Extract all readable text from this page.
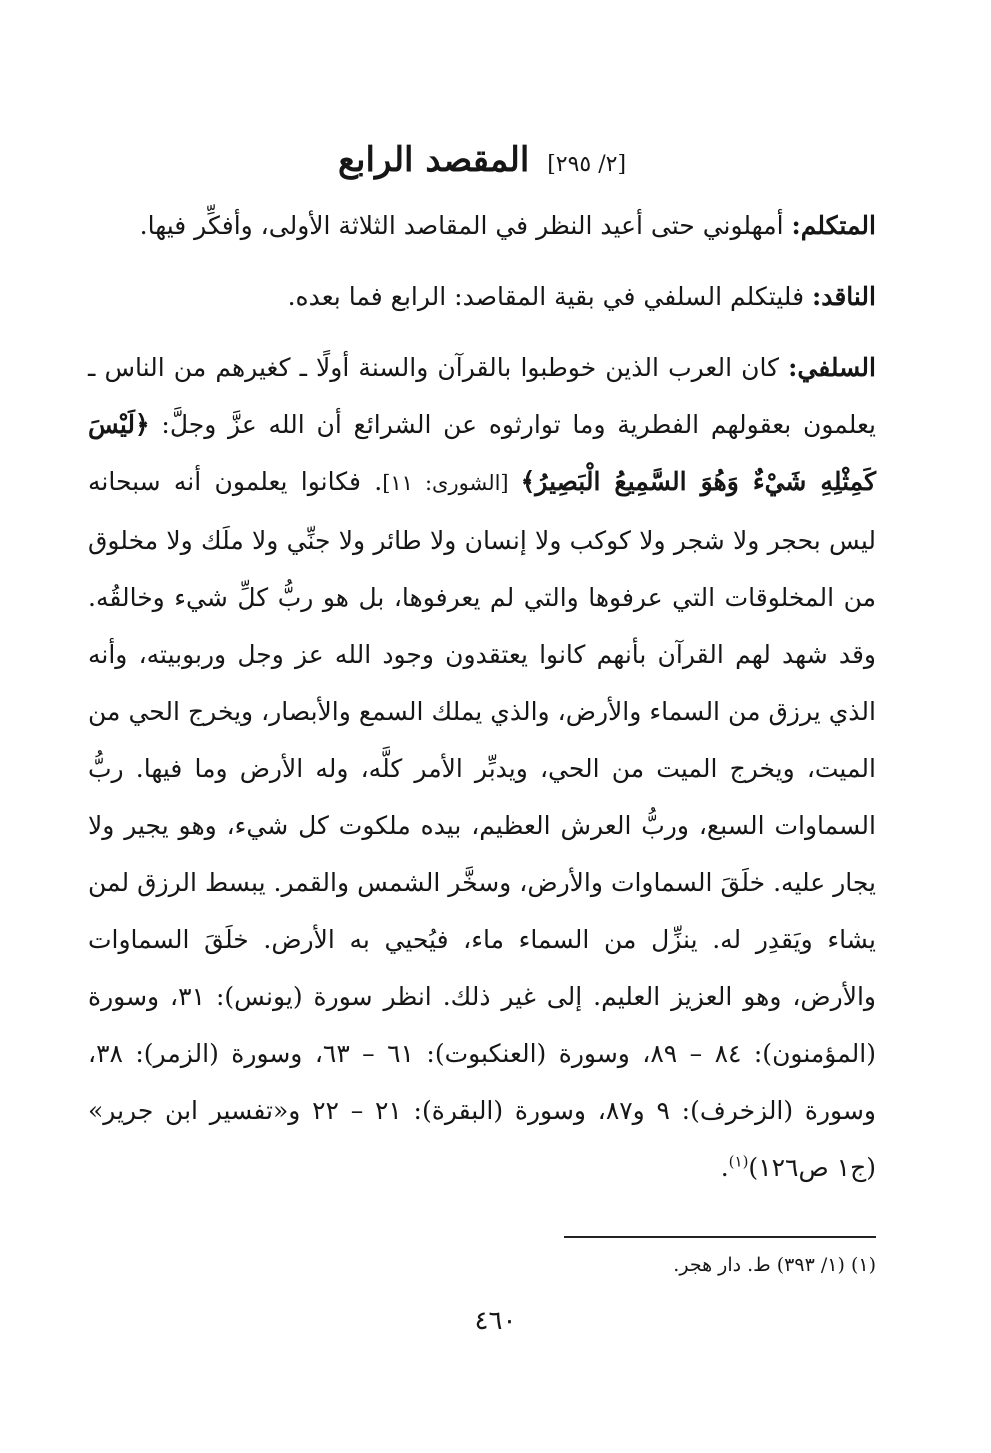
[٢/ ٢٩٥] المقصد الرابع

المتكلم: أمهلوني حتى أعيد النظر في المقاصد الثلاثة الأولى، وأفكِّر فيها.

الناقد: فليتكلم السلفي في بقية المقاصد: الرابع فما بعده.

السلفي: كان العرب الذين خوطبوا بالقرآن والسنة أولًا ـ كغيرهم من الناس ـ يعلمون بعقولهم الفطرية وما توارثوه عن الشرائع أن الله عزَّ وجلَّ: ﴿لَيْسَ كَمِثْلِهِ شَيْءٌ وَهُوَ السَّمِيعُ الْبَصِيرُ﴾ [الشورى: ١١]. فكانوا يعلمون أنه سبحانه ليس بحجر ولا شجر ولا كوكب ولا إنسان ولا طائر ولا جنِّي ولا ملَك ولا مخلوق من المخلوقات التي عرفوها والتي لم يعرفوها، بل هو ربُّ كلِّ شيء وخالقُه. وقد شهد لهم القرآن بأنهم كانوا يعتقدون وجود الله عز وجل وربوبيته، وأنه الذي يرزق من السماء والأرض، والذي يملك السمع والأبصار، ويخرج الحي من الميت، ويخرج الميت من الحي، ويدبِّر الأمر كلَّه، وله الأرض وما فيها. ربُّ السماوات السبع، وربُّ العرش العظيم، بيده ملكوت كل شيء، وهو يجير ولا يجار عليه. خلَقَ السماوات والأرض، وسخَّر الشمس والقمر. يبسط الرزق لمن يشاء ويَقدِر له. ينزِّل من السماء ماء، فيُحيي به الأرض. خلَقَ السماوات والأرض، وهو العزيز العليم. إلى غير ذلك. انظر سورة (يونس): ٣١، وسورة (المؤمنون): ٨٤ – ٨٩، وسورة (العنكبوت): ٦١ – ٦٣، وسورة (الزمر): ٣٨، وسورة (الزخرف): ٩ و٨٧، وسورة (البقرة): ٢١ – ٢٢ و«تفسير ابن جرير» (ج١ ص١٢٦)$^{(١)}$.

(١) (١/ ٣٩٣) ط. دار هجر.
٤٦٠
